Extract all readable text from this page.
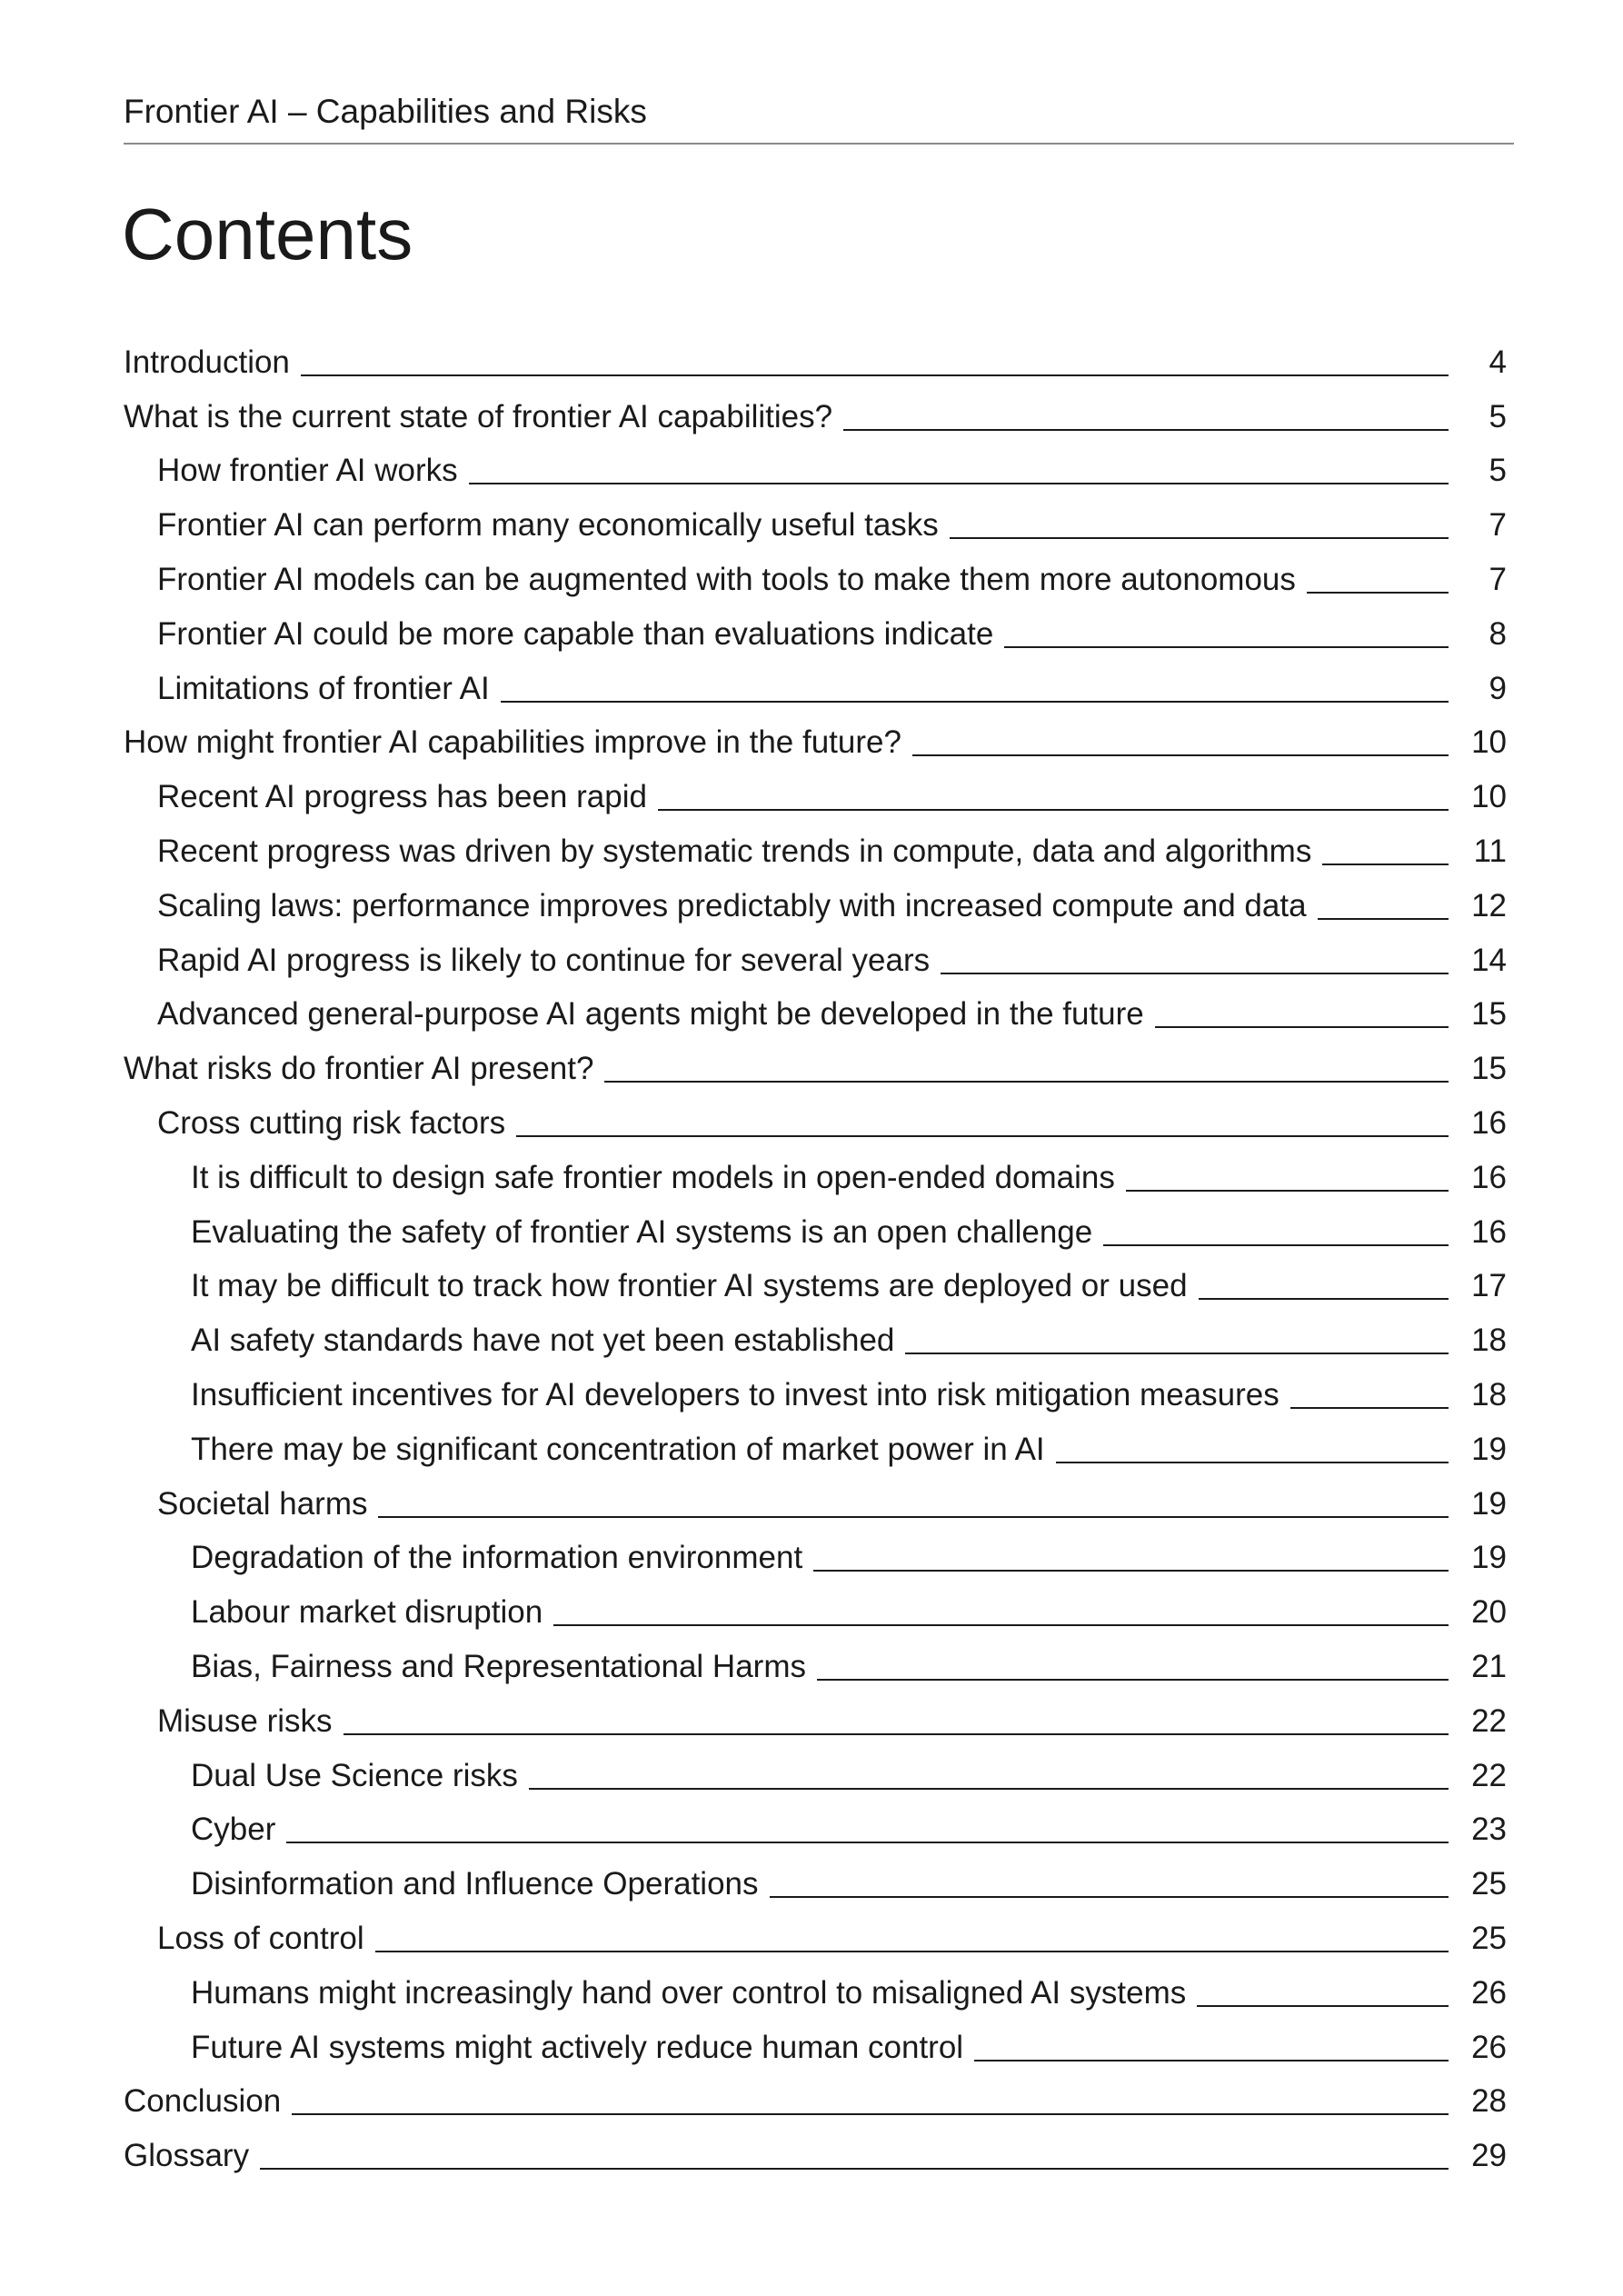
Frontier AI – Capabilities and Risks
Contents
Introduction	4
What is the current state of frontier AI capabilities?	5
How frontier AI works	5
Frontier AI can perform many economically useful tasks	7
Frontier AI models can be augmented with tools to make them more autonomous	7
Frontier AI could be more capable than evaluations indicate	8
Limitations of frontier AI	9
How might frontier AI capabilities improve in the future?	10
Recent AI progress has been rapid	10
Recent progress was driven by systematic trends in compute, data and algorithms	11
Scaling laws: performance improves predictably with increased compute and data	12
Rapid AI progress is likely to continue for several years	14
Advanced general-purpose AI agents might be developed in the future	15
What risks do frontier AI present?	15
Cross cutting risk factors	16
It is difficult to design safe frontier models in open-ended domains	16
Evaluating the safety of frontier AI systems is an open challenge	16
It may be difficult to track how frontier AI systems are deployed or used	17
AI safety standards have not yet been established	18
Insufficient incentives for AI developers to invest into risk mitigation measures	18
There may be significant concentration of market power in AI	19
Societal harms	19
Degradation of the information environment	19
Labour market disruption	20
Bias, Fairness and Representational Harms	21
Misuse risks	22
Dual Use Science risks	22
Cyber	23
Disinformation and Influence Operations	25
Loss of control	25
Humans might increasingly hand over control to misaligned AI systems	26
Future AI systems might actively reduce human control	26
Conclusion	28
Glossary	29
